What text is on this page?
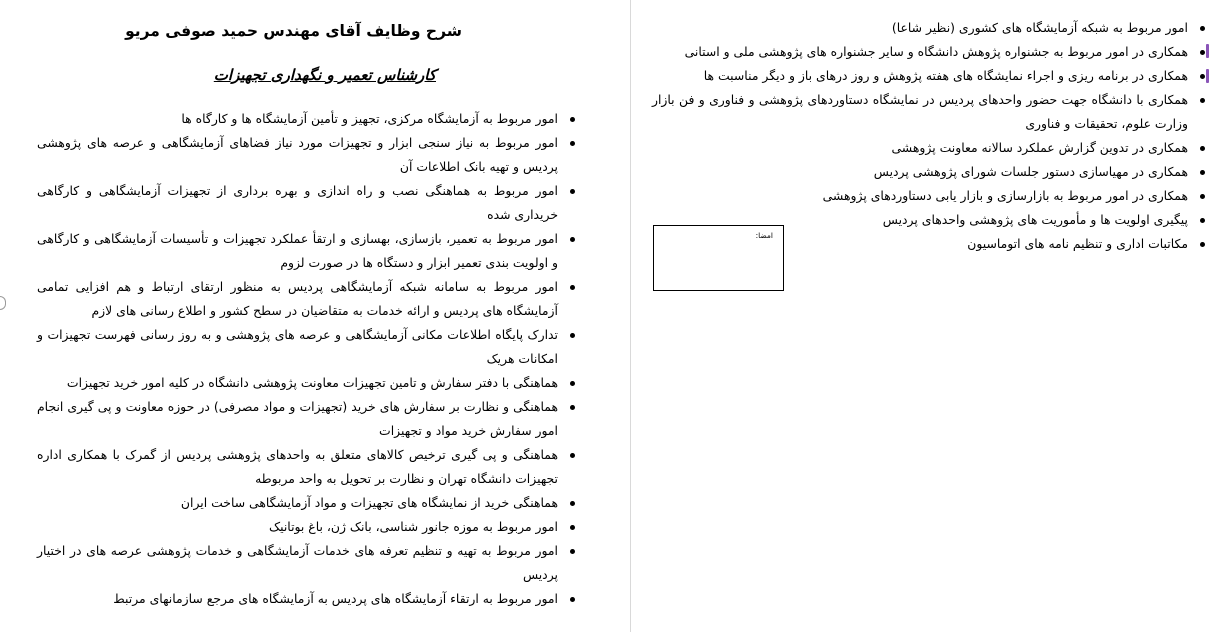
شرح وظایف آقای مهندس حمید صوفی مریو
کارشناس تعمیر و نگهداری تجهیزات
امور مربوط به آزمایشگاه مرکزی، تجهیز و تأمین آزمایشگاه ها و کارگاه ها
امور مربوط به نیاز سنجی ابزار و تجهیزات مورد نیاز فضاهای آزمایشگاهی و عرصه های پژوهشی پردیس و تهیه بانک اطلاعات آن
امور مربوط به هماهنگی نصب و راه اندازی و بهره برداری از تجهیزات آزمایشگاهی و کارگاهی خریداری شده
امور مربوط به تعمیر، بازسازی، بهسازی و ارتقأ عملکرد تجهیزات و تأسیسات آزمایشگاهی و کارگاهی و اولویت بندی تعمیر ابزار و دستگاه ها در صورت لزوم
امور مربوط به سامانه شبکه آزمایشگاهی پردیس به منظور ارتقای ارتباط و هم افزایی تمامی آزمایشگاه های پردیس و ارائه خدمات به متقاضیان در سطح کشور و اطلاع رسانی های لازم
تدارک پایگاه اطلاعات مکانی آزمایشگاهی و عرصه های پژوهشی و به روز رسانی فهرست تجهیزات و امکانات هریک
هماهنگی با دفتر سفارش و تامین تجهیزات معاونت پژوهشی دانشگاه در کلیه امور خرید تجهیزات
هماهنگی و نظارت بر سفارش های خرید (تجهیزات و مواد مصرفی) در حوزه معاونت و پی گیری انجام امور سفارش خرید مواد و تجهیزات
هماهنگی و پی گیری ترخیص کالاهای متعلق به واحدهای پژوهشی پردیس از گمرک با همکاری اداره تجهیزات دانشگاه تهران و نظارت بر تحویل به واحد مربوطه
هماهنگی خرید از نمایشگاه های تجهیزات و مواد آزمایشگاهی ساخت ایران
امور مربوط به موزه جانور شناسی، بانک ژن، باغ بوتانیک
امور مربوط به تهیه و تنظیم تعرفه های خدمات آزمایشگاهی و خدمات پژوهشی عرصه های در اختیار پردیس
امور مربوط به ارتقاء آزمایشگاه های پردیس به آزمایشگاه های مرجع سازمانهای مرتبط
امور مربوط به شبکه آزمایشگاه های کشوری (نظیر شاعا)
همکاری در امور مربوط به جشنواره پژوهش دانشگاه و سایر جشنواره های پژوهشی ملی و استانی
همکاری در برنامه ریزی و اجراء نمایشگاه های هفته پژوهش و روز درهای باز و دیگر مناسبت ها
همکاری با دانشگاه جهت حضور واحدهای پردیس در نمایشگاه دستاوردهای پژوهشی و فناوری و فن بازار وزارت علوم، تحقیقات و فناوری
همکاری در تدوین گزارش عملکرد سالانه معاونت پژوهشی
همکاری در مهیاسازی دستور جلسات شورای پژوهشی پردیس
همکاری در امور مربوط به بازارسازی و بازار یابی دستاوردهای پژوهشی
پیگیری اولویت ها و مأموریت های پژوهشی واحدهای پردیس
مکاتبات اداری و تنظیم نامه های اتوماسیون
امضا:
